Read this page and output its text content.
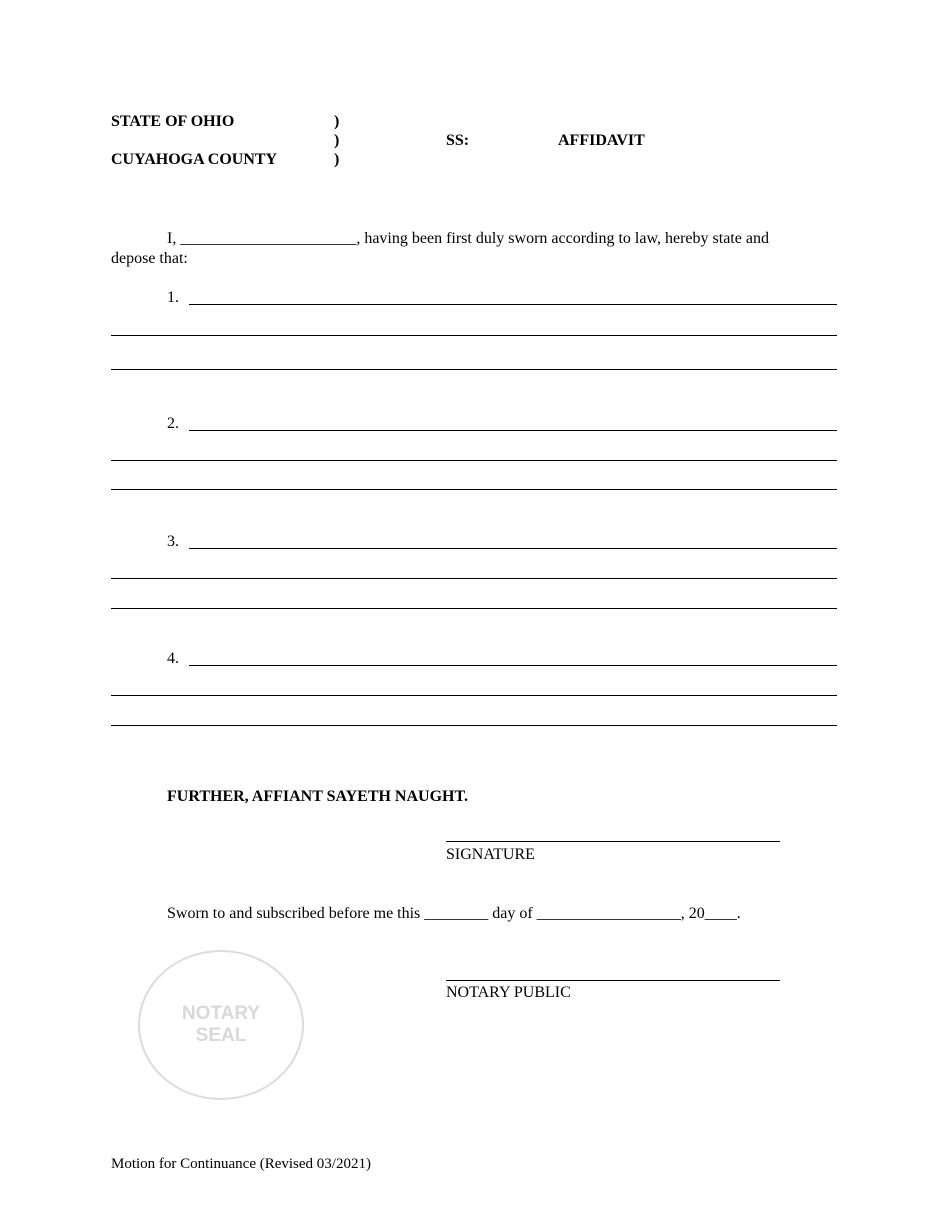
STATE OF OHIO
CUYAHOGA COUNTY
)
)
)
SS:	AFFIDAVIT
I, ______________________, having been first duly sworn according to law, hereby state and
depose that:
1.
2.
3.
4.
FURTHER, AFFIANT SAYETH NAUGHT.
SIGNATURE
Sworn to and subscribed before me this ________ day of __________________, 20____.
NOTARY PUBLIC
NOTARY
SEAL
Motion for Continuance (Revised 03/2021)
